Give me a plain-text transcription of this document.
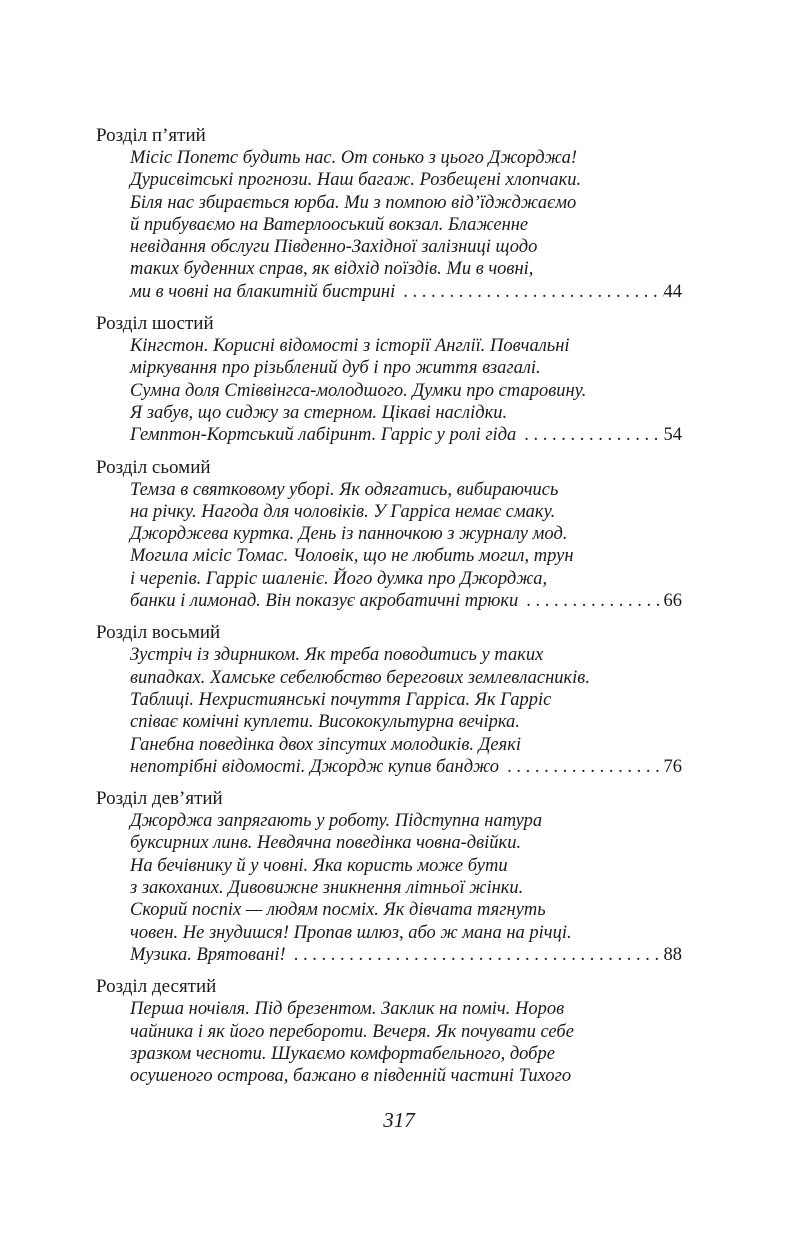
Розділ п’ятий
Місіс Попетс будить нас. От сонько з цього Джорджа!
Дурисвітські прогнози. Наш багаж. Розбещені хлопчаки.
Біля нас збирається юрба. Ми з помпою від’їджджаємо
й прибуваємо на Ватерлооський вокзал. Блаженне
невідання обслуги Південно-Західної залізниці щодо
таких буденних справ, як відхід поїздів. Ми в човні,
ми в човні на блакитній бистрині . . .	44
Розділ шостий
Кінгстон. Корисні відомості з історії Англії. Повчальні
міркування про різьблений дуб і про життя взагалі.
Сумна доля Стіввінгса-молодшого. Думки про старовину.
Я забув, що сиджу за стерном. Цікаві наслідки.
Гемптон-Кортський лабіринт. Гарріс у ролі гіда . . .	54
Розділ сьомий
Темза в святковому уборі. Як одягатись, вибираючись
на річку. Нагода для чоловіків. У Гарріса немає смаку.
Джорджева куртка. День із панночкою з журналу мод.
Могила місіс Томас. Чоловік, що не любить могил, трун
і черепів. Гарріс шаленіє. Його думка про Джорджа,
банки і лимонад. Він показує акробатичні трюки . . .	66
Розділ восьмий
Зустріч із здирником. Як треба поводитись у таких
випадках. Хамське себелюбство берегових землевласників.
Таблиці. Нехристиянські почуття Гарріса. Як Гарріс
співає комічні куплети. Висококультурна вечірка.
Ганебна поведінка двох зіпсутих молодиків. Деякі
непотрібні відомості. Джордж купив банджо . . .	76
Розділ дев’ятий
Джорджа запрягають у роботу. Підступна натура
буксирних линв. Невдячна поведінка човна-двійки.
На бечівнику й у човні. Яка користь може бути
з закоханих. Дивовижне зникнення літньої жінки.
Скорий поспіх — людям посміх. Як дівчата тягнуть
човен. Не знудишся! Пропав шлюз, або ж мана на річці.
Музика. Врятовані! . . .	88
Розділ десятий
Перша ночівля. Під брезентом. Заклик на поміч. Норов
чайника і як його перебороти. Вечеря. Як почувати себе
зразком чесноти. Шукаємо комфортабельного, добре
осушеного острова, бажано в південній частині Тихого
317
